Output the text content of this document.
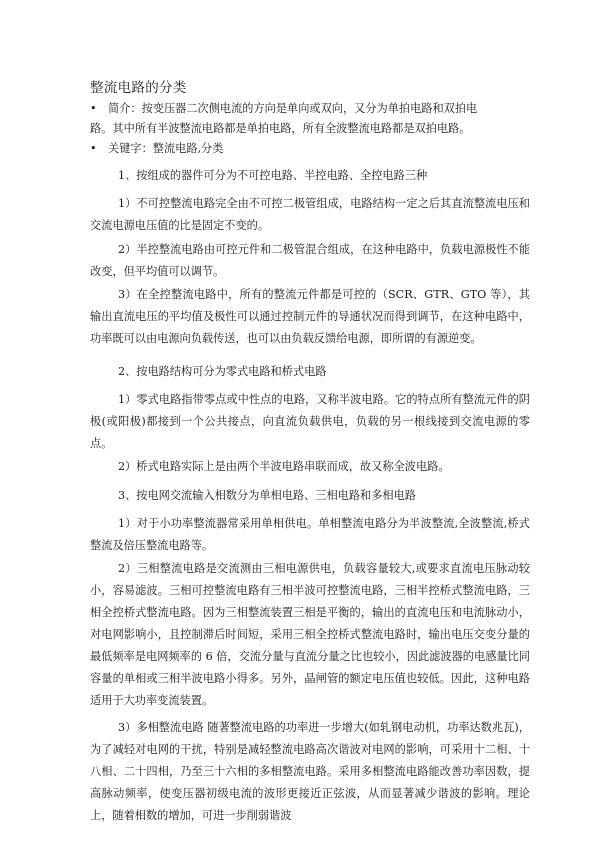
整流电路的分类
•	简介：按变压器二次侧电流的方向是单向或双向，又分为单拍电路和双拍电
路。其中所有半波整流电路都是单拍电路，所有全波整流电路都是双拍电路。
•	关键字：整流电路,分类
1、按组成的器件可分为不可控电路、半控电路、全控电路三种
1）不可控整流电路完全由不可控二极管组成，电路结构一定之后其直流整流电压和交流电源电压值的比是固定不变的。
2）半控整流电路由可控元件和二极管混合组成，在这种电路中，负载电源极性不能改变，但平均值可以调节。
3）在全控整流电路中，所有的整流元件都是可控的（SCR、GTR、GTO 等），其输出直流电压的平均值及极性可以通过控制元件的导通状况而得到调节，在这种电路中，功率既可以由电源向负载传送，也可以由负载反馈给电源，即所谓的有源逆变。
2、按电路结构可分为零式电路和桥式电路
1）零式电路指带零点或中性点的电路，又称半波电路。它的特点所有整流元件的阴极(或阳极)都接到一个公共接点，向直流负载供电，负载的另一根线接到交流电源的零点。
2）桥式电路实际上是由两个半波电路串联而成，故又称全波电路。
3、按电网交流输入相数分为单相电路、三相电路和多相电路
1）对于小功率整流器常采用单相供电。单相整流电路分为半波整流,全波整流,桥式整流及倍压整流电路等。
2）三相整流电路是交流测由三相电源供电，负载容量较大,或要求直流电压脉动较小，容易滤波。三相可控整流电路有三相半波可控整流电路，三相半控桥式整流电路，三相全控桥式整流电路。因为三相整流装置三相是平衡的，输出的直流电压和电流脉动小，对电网影响小，且控制滞后时间短，采用三相全控桥式整流电路时，输出电压交变分量的最低频率是电网频率的 6 倍，交流分量与直流分量之比也较小，因此滤波器的电感量比同容量的单相或三相半波电路小得多。另外，晶闸管的额定电压值也较低。因此，这种电路适用于大功率变流装置。
3）多相整流电路 随著整流电路的功率进一步增大(如轧钢电动机，功率达数兆瓦)，为了减轻对电网的干扰，特别是减轻整流电路高次谐波对电网的影响，可采用十二相、十八相、二十四相，乃至三十六相的多相整流电路。采用多相整流电路能改善功率因数，提高脉动频率，使变压器初级电流的波形更接近正弦波，从而显著减少谐波的影响。理论上，随着相数的增加，可进一步削弱谐波
